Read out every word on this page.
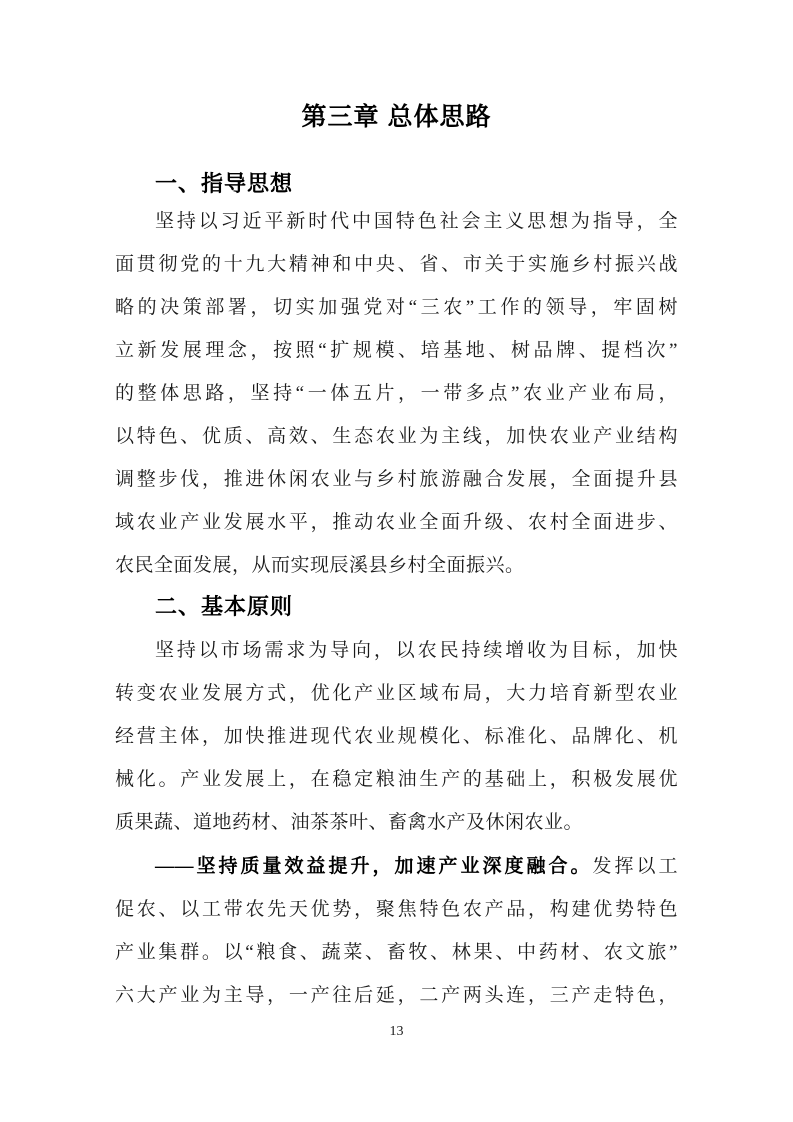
第三章 总体思路
一、指导思想
坚持以习近平新时代中国特色社会主义思想为指导，全
面贯彻党的十九大精神和中央、省、市关于实施乡村振兴战
略的决策部署，切实加强党对“三农”工作的领导，牢固树
立新发展理念，按照“扩规模、培基地、树品牌、提档次”
的整体思路，坚持“一体五片，一带多点”农业产业布局，
以特色、优质、高效、生态农业为主线，加快农业产业结构
调整步伐，推进休闲农业与乡村旅游融合发展，全面提升县
域农业产业发展水平，推动农业全面升级、农村全面进步、
农民全面发展，从而实现辰溪县乡村全面振兴。
二、基本原则
坚持以市场需求为导向，以农民持续增收为目标，加快
转变农业发展方式，优化产业区域布局，大力培育新型农业
经营主体，加快推进现代农业规模化、标准化、品牌化、机
械化。产业发展上，在稳定粮油生产的基础上，积极发展优
质果蔬、道地药材、油茶茶叶、畜禽水产及休闲农业。
——坚持质量效益提升，加速产业深度融合。发挥以工
促农、以工带农先天优势，聚焦特色农产品，构建优势特色
产业集群。以“粮食、蔬菜、畜牧、林果、中药材、农文旅”
六大产业为主导，一产往后延，二产两头连，三产走特色，
13
